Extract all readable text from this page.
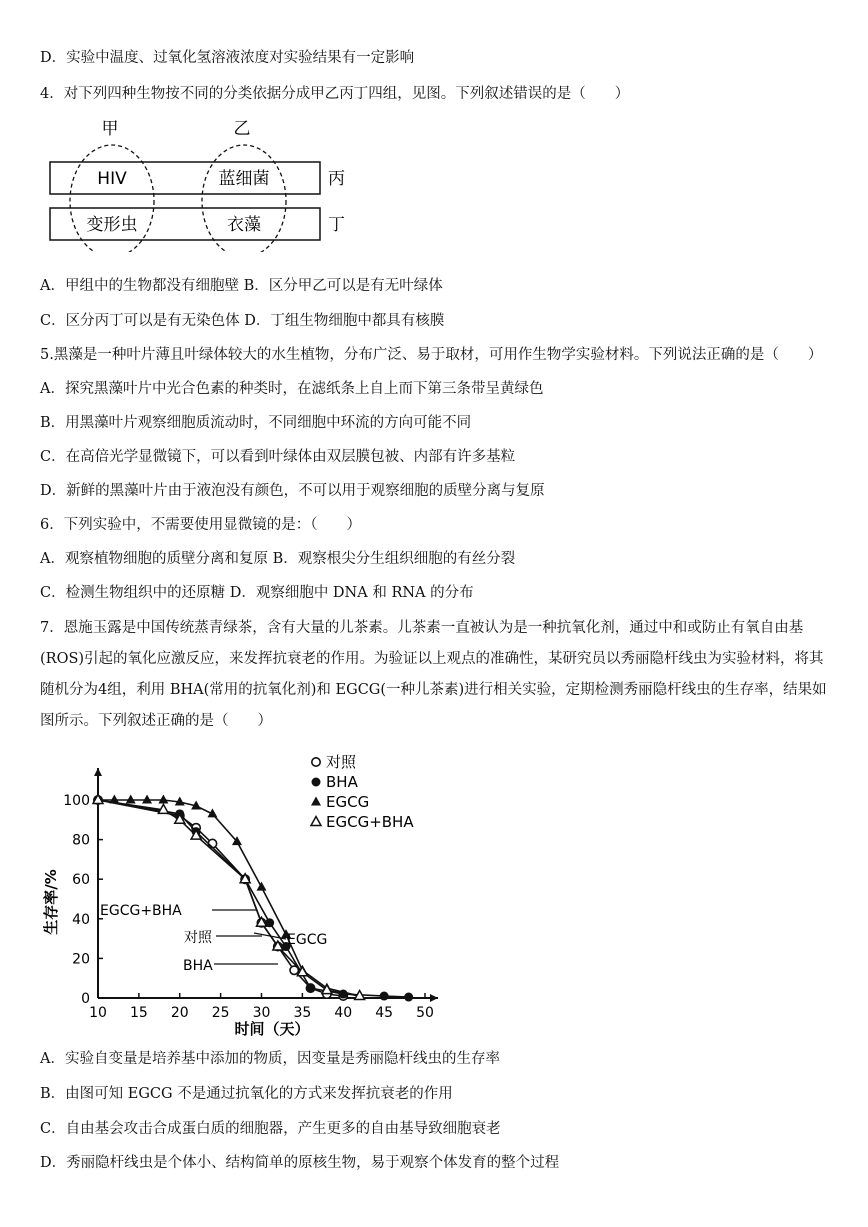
D．实验中温度、过氧化氢溶液浓度对实验结果有一定影响
4．对下列四种生物按不同的分类依据分成甲乙丙丁四组，见图。下列叙述错误的是（　　）
甲	乙
HIV	蓝细菌
变形虫	衣藻
丙
丁
A．甲组中的生物都没有细胞壁 B．区分甲乙可以是有无叶绿体
C．区分丙丁可以是有无染色体 D．丁组生物细胞中都具有核膜
5.黑藻是一种叶片薄且叶绿体较大的水生植物，分布广泛、易于取材，可用作生物学实验材料。下列说法正确的是（　　）
A．探究黑藻叶片中光合色素的种类时，在滤纸条上自上而下第三条带呈黄绿色
B．用黑藻叶片观察细胞质流动时，不同细胞中环流的方向可能不同
C．在高倍光学显微镜下，可以看到叶绿体由双层膜包被、内部有许多基粒
D．新鲜的黑藻叶片由于液泡没有颜色，不可以用于观察细胞的质壁分离与复原
6．下列实验中，不需要使用显微镜的是：（　　）
A．观察植物细胞的质壁分离和复原 B．观察根尖分生组织细胞的有丝分裂
C．检测生物组织中的还原糖 D．观察细胞中 DNA 和 RNA 的分布
7．恩施玉露是中国传统蒸青绿茶，含有大量的儿茶素。儿茶素一直被认为是一种抗氧化剂，通过中和或防止有氧自由基(ROS)引起的氧化应激反应，来发挥抗衰老的作用。为验证以上观点的准确性，某研究员以秀丽隐杆线虫为实验材料，将其随机分为4组，利用 BHA(常用的抗氧化剂)和 EGCG(一种儿茶素)进行相关实验，定期检测秀丽隐杆线虫的生存率，结果如图所示。下列叙述正确的是（　　）
10 15 20 25 30 35 40 45 50
0
20
40
60
80
100
时间（天）
生存率/%
EGCG
EGCG+BHA
对照
BHA
对照
BHA
EGCG
EGCG+BHA
A．实验自变量是培养基中添加的物质，因变量是秀丽隐杆线虫的生存率
B．由图可知 EGCG 不是通过抗氧化的方式来发挥抗衰老的作用
C．自由基会攻击合成蛋白质的细胞器，产生更多的自由基导致细胞衰老
D．秀丽隐杆线虫是个体小、结构简单的原核生物，易于观察个体发育的整个过程
